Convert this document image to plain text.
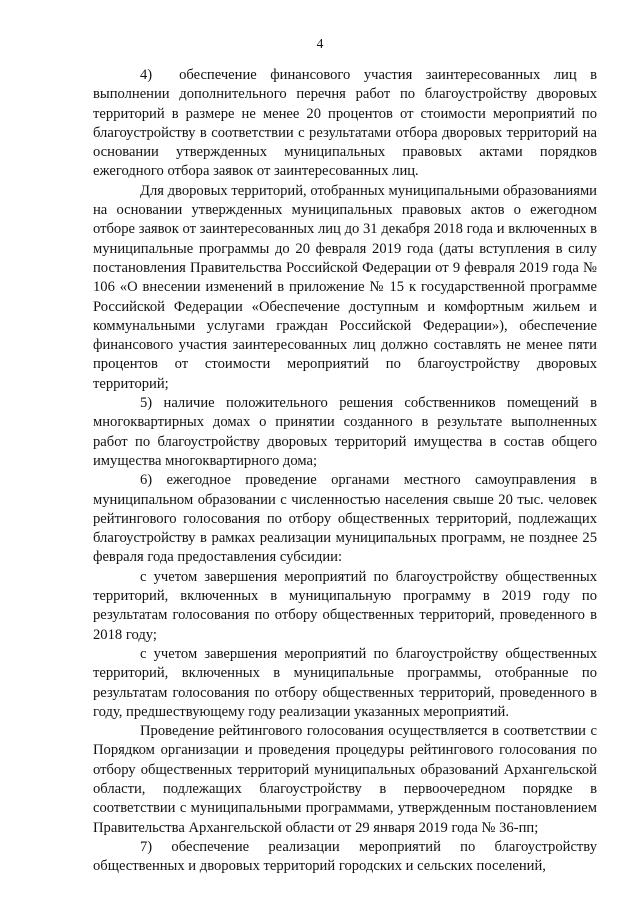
4

4)  обеспечение финансового участия заинтересованных лиц в выполнении дополнительного перечня работ по благоустройству дворовых территорий в размере не менее 20 процентов от стоимости мероприятий по благоустройству в соответствии с результатами отбора дворовых территорий на основании утвержденных муниципальных правовых актами порядков ежегодного отбора заявок от заинтересованных лиц.

Для дворовых территорий, отобранных муниципальными образованиями на основании утвержденных муниципальных правовых актов о ежегодном отборе заявок от заинтересованных лиц до 31 декабря 2018 года и включенных в муниципальные программы до 20 февраля 2019 года (даты вступления в силу постановления Правительства Российской Федерации от 9 февраля 2019 года № 106 «О внесении изменений в приложение № 15 к государственной программе Российской Федерации «Обеспечение доступным и комфортным жильем и коммунальными услугами граждан Российской Федерации»), обеспечение финансового участия заинтересованных лиц должно составлять не менее пяти процентов от стоимости мероприятий по благоустройству дворовых территорий;

5) наличие положительного решения собственников помещений в многоквартирных домах о принятии созданного в результате выполненных работ по благоустройству дворовых территорий имущества в состав общего имущества многоквартирного дома;

6) ежегодное проведение органами местного самоуправления в муниципальном образовании с численностью населения свыше 20 тыс. человек рейтингового голосования по отбору общественных территорий, подлежащих благоустройству в рамках реализации муниципальных программ, не позднее 25 февраля года предоставления субсидии:

с учетом завершения мероприятий по благоустройству общественных территорий, включенных в муниципальную программу в 2019 году по результатам голосования по отбору общественных территорий, проведенного в 2018 году;

с учетом завершения мероприятий по благоустройству общественных территорий, включенных в муниципальные программы, отобранные по результатам голосования по отбору общественных территорий, проведенного в году, предшествующему году реализации указанных мероприятий.

Проведение рейтингового голосования осуществляется в соответствии с Порядком организации и проведения процедуры рейтингового голосования по отбору общественных территорий муниципальных образований Архангельской области, подлежащих благоустройству в первоочередном порядке в соответствии с муниципальными программами, утвержденным постановлением Правительства Архангельской области от 29 января 2019 года № 36-пп;

7) обеспечение реализации мероприятий по благоустройству общественных и дворовых территорий городских и сельских поселений,
